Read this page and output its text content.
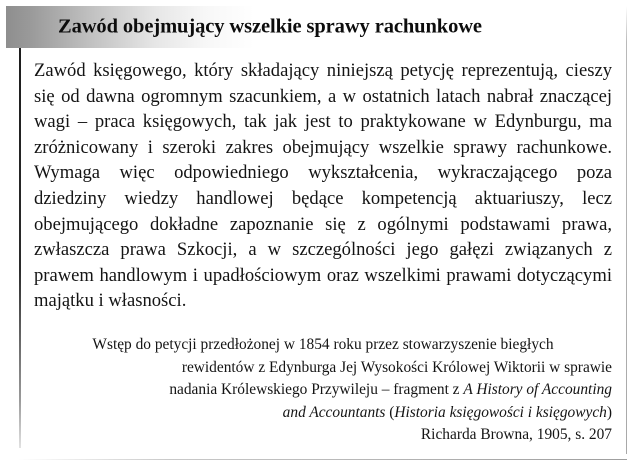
Zawód obejmujący wszelkie sprawy rachunkowe

Zawód księgowego, który składający niniejszą petycję reprezentują, cieszy się od dawna ogromnym szacunkiem, a w ostatnich latach nabrał znaczącej wagi – praca księgowych, tak jak jest to praktykowane w Edynburgu, ma zróżnicowany i szeroki zakres obejmujący wszelkie sprawy rachunkowe. Wymaga więc odpowiedniego wykształcenia, wykraczającego poza dziedziny wiedzy handlowej będące kompetencją aktuariuszy, lecz obejmującego dokładne zapoznanie się z ogólnymi podstawami prawa, zwłaszcza prawa Szkocji, a w szczególności jego gałęzi związanych z prawem handlowym i upadłościowym oraz wszelkimi prawami dotyczącymi majątku i własności.

Wstęp do petycji przedłożonej w 1854 roku przez stowarzyszenie biegłych

rewidentów z Edynburga Jej Wysokości Królowej Wiktorii w sprawie

nadania Królewskiego Przywileju – fragment z A History of Accounting

and Accountants (Historia księgowości i księgowych)

Richarda Browna, 1905, s. 207
